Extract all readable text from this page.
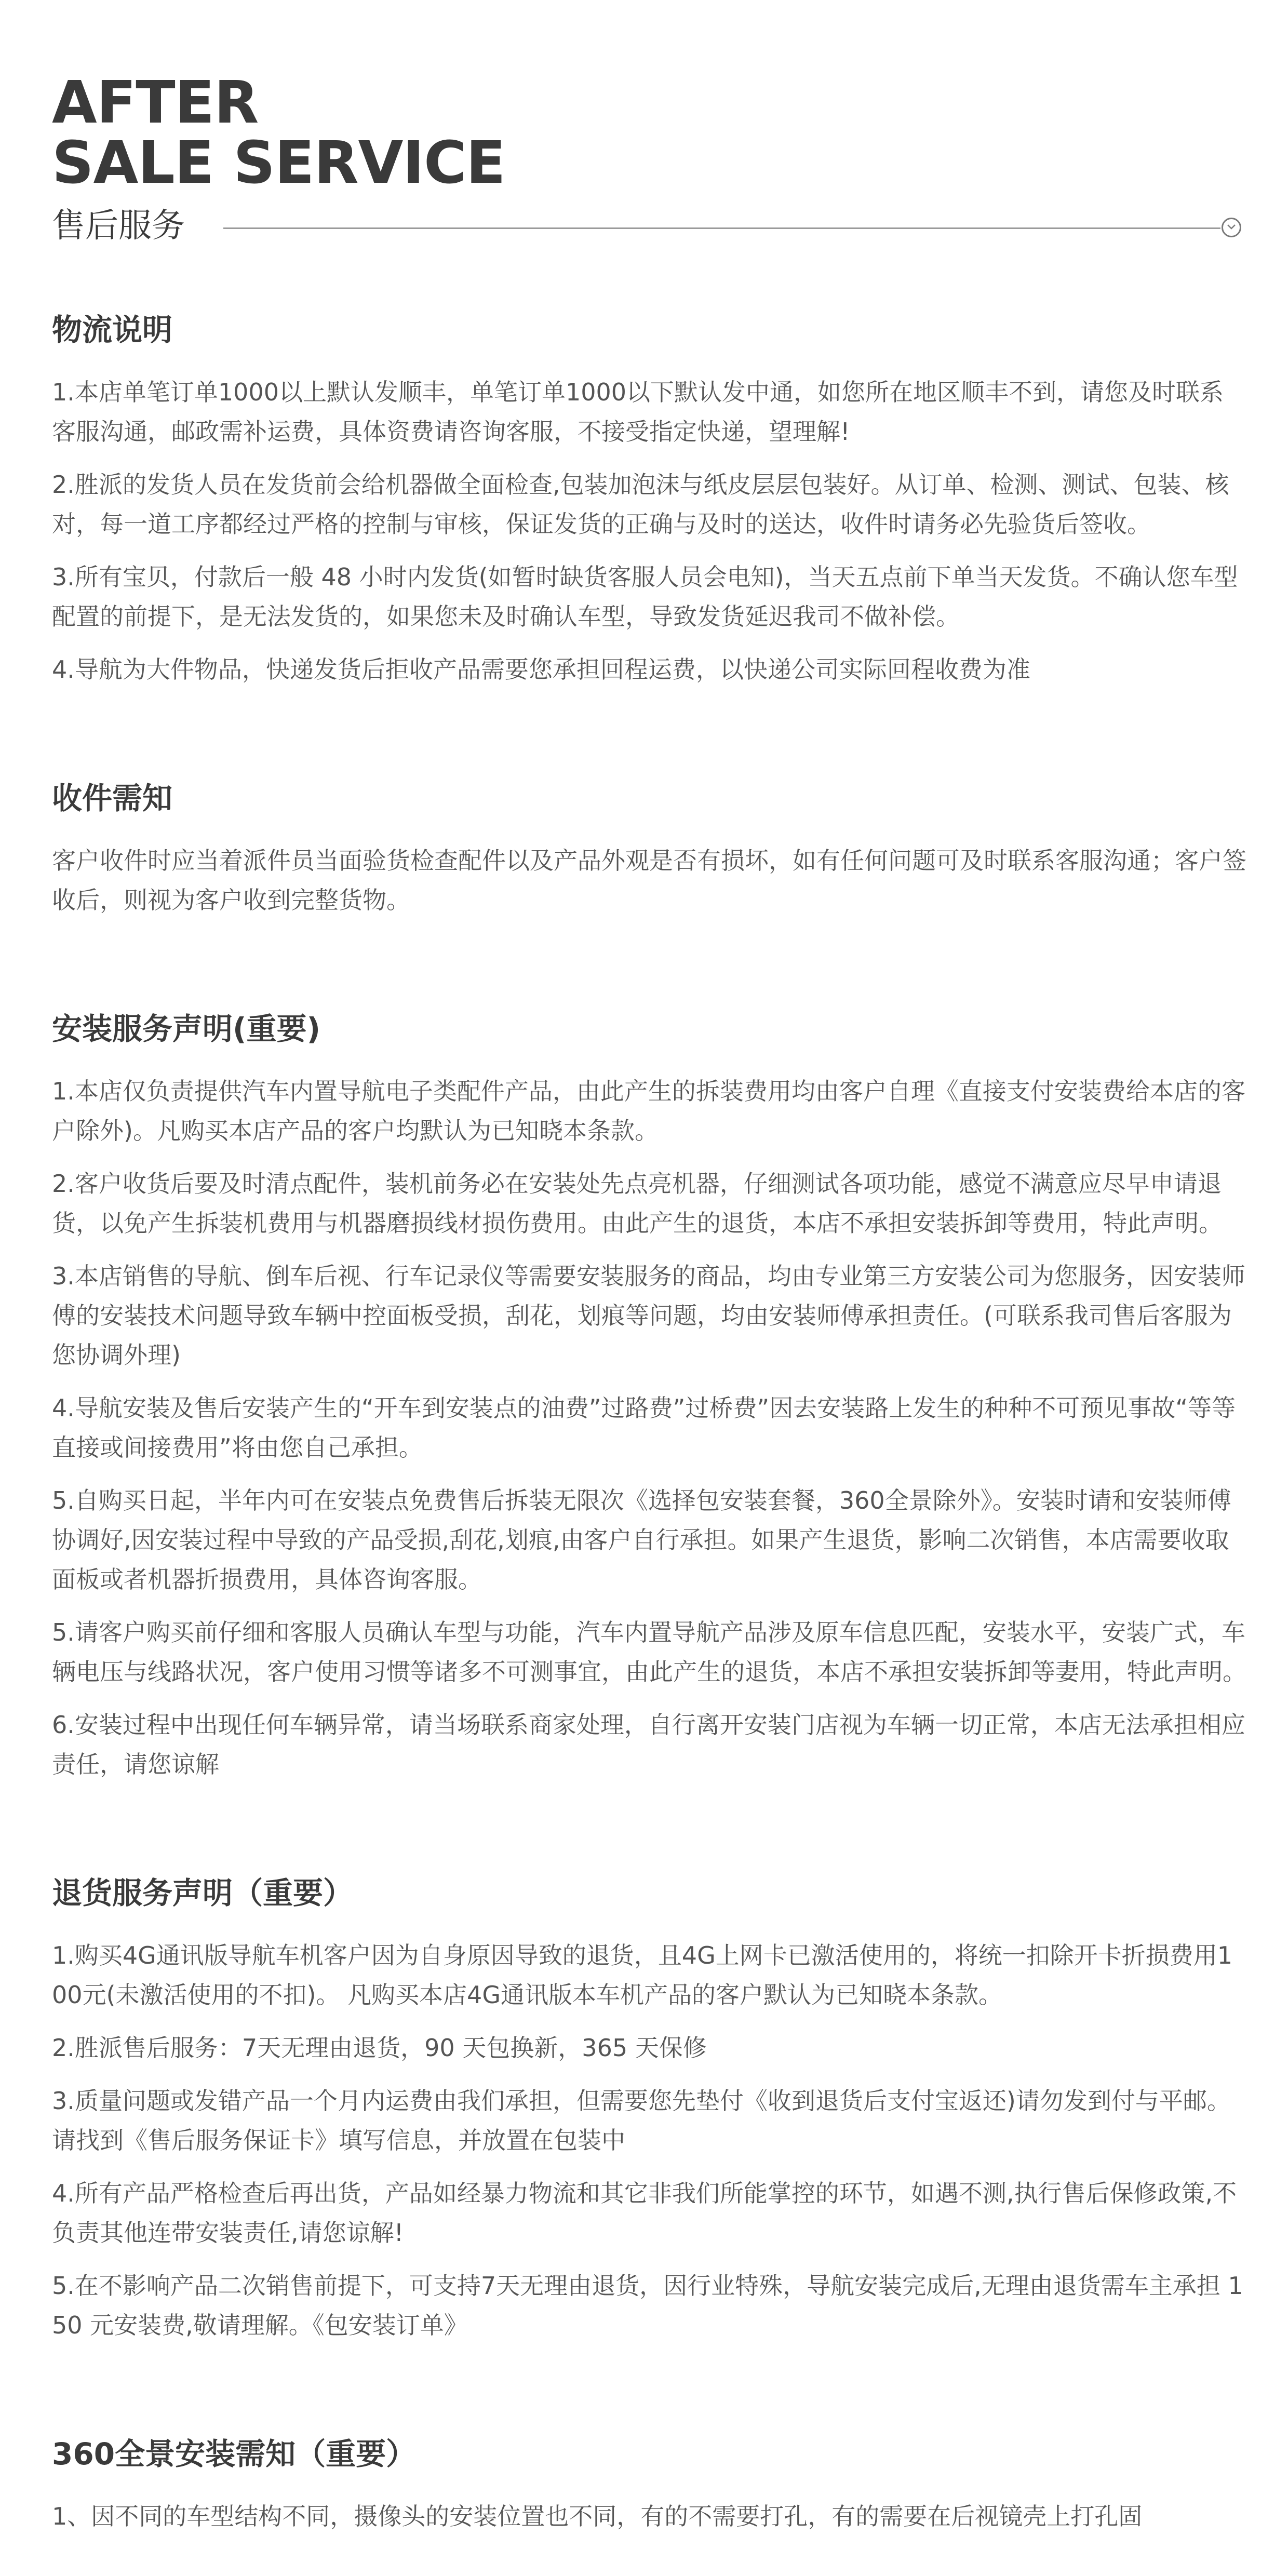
AFTER
SALE SERVICE
售后服务
物流说明
1.本店单笔订单1000以上默认发顺丰，单笔订单1000以下默认发中通，如您所在地区顺丰不到，请您及时联系客服沟通，邮政需补运费，具体资费请咨询客服，不接受指定快递，望理解!
2.胜派的发货人员在发货前会给机器做全面检查,包装加泡沫与纸皮层层包装好。从订单、检测、测试、包装、核对，每一道工序都经过严格的控制与审核，保证发货的正确与及时的送达，收件时请务必先验货后签收。
3.所有宝贝，付款后一般 48 小时内发货(如暂时缺货客服人员会电知)，当天五点前下单当天发货。不确认您车型配置的前提下，是无法发货的，如果您未及时确认车型，导致发货延迟我司不做补偿。
4.导航为大件物品，快递发货后拒收产品需要您承担回程运费，以快递公司实际回程收费为准
收件需知
客户收件时应当着派件员当面验货检查配件以及产品外观是否有损坏，如有任何问题可及时联系客服沟通；客户签收后，则视为客户收到完整货物。
安装服务声明(重要)
1.本店仅负责提供汽车内置导航电子类配件产品，由此产生的拆装费用均由客户自理《直接支付安装费给本店的客户除外)。凡购买本店产品的客户均默认为已知晓本条款。
2.客户收货后要及时清点配件，装机前务必在安装处先点亮机器，仔细测试各项功能，感觉不满意应尽早申请退货，以免产生拆装机费用与机器磨损线材损伤费用。由此产生的退货，本店不承担安装拆卸等费用，特此声明。
3.本店销售的导航、倒车后视、行车记录仪等需要安装服务的商品，均由专业第三方安装公司为您服务，因安装师傅的安装技术问题导致车辆中控面板受损，刮花，划痕等问题，均由安装师傅承担责任。(可联系我司售后客服为您协调外理)
4.导航安装及售后安装产生的“开车到安装点的油费”过路费”过桥费”因去安装路上发生的种种不可预见事故“等等直接或间接费用”将由您自己承担。
5.自购买日起，半年内可在安装点免费售后拆装无限次《选择包安装套餐，360全景除外》。安装时请和安装师傅协调好,因安装过程中导致的产品受损,刮花,划痕,由客户自行承担。如果产生退货，影响二次销售，本店需要收取面板或者机器折损费用，具体咨询客服。
5.请客户购买前仔细和客服人员确认车型与功能，汽车内置导航产品涉及原车信息匹配，安装水平，安装广式，车辆电压与线路状况，客户使用习惯等诸多不可测事宜，由此产生的退货，本店不承担安装拆卸等妻用，特此声明。
6.安装过程中出现任何车辆异常，请当场联系商家处理，自行离开安装门店视为车辆一切正常，本店无法承担相应责任，请您谅解
退货服务声明（重要）
1.购买4G通讯版导航车机客户因为自身原因导致的退货，且4G上网卡已激活使用的，将统一扣除开卡折损费用100元(未激活使用的不扣)。 凡购买本店4G通讯版本车机产品的客户默认为已知晓本条款。
2.胜派售后服务：7天无理由退货，90 天包换新，365 天保修
3.质量问题或发错产品一个月内运费由我们承担，但需要您先垫付《收到退货后支付宝返还)请勿发到付与平邮。请找到《售后服务保证卡》填写信息，并放置在包装中
4.所有产品严格检查后再出货，产品如经暴力物流和其它非我们所能掌控的环节，如遇不测,执行售后保修政策,不负责其他连带安装责任,请您谅解!
5.在不影响产品二次销售前提下，可支持7天无理由退货，因行业特殊，导航安装完成后,无理由退货需车主承担 150 元安装费,敬请理解。《包安装订单》
360全景安装需知（重要）
1、因不同的车型结构不同，摄像头的安装位置也不同，有的不需要打孔，有的需要在后视镜壳上打孔固
